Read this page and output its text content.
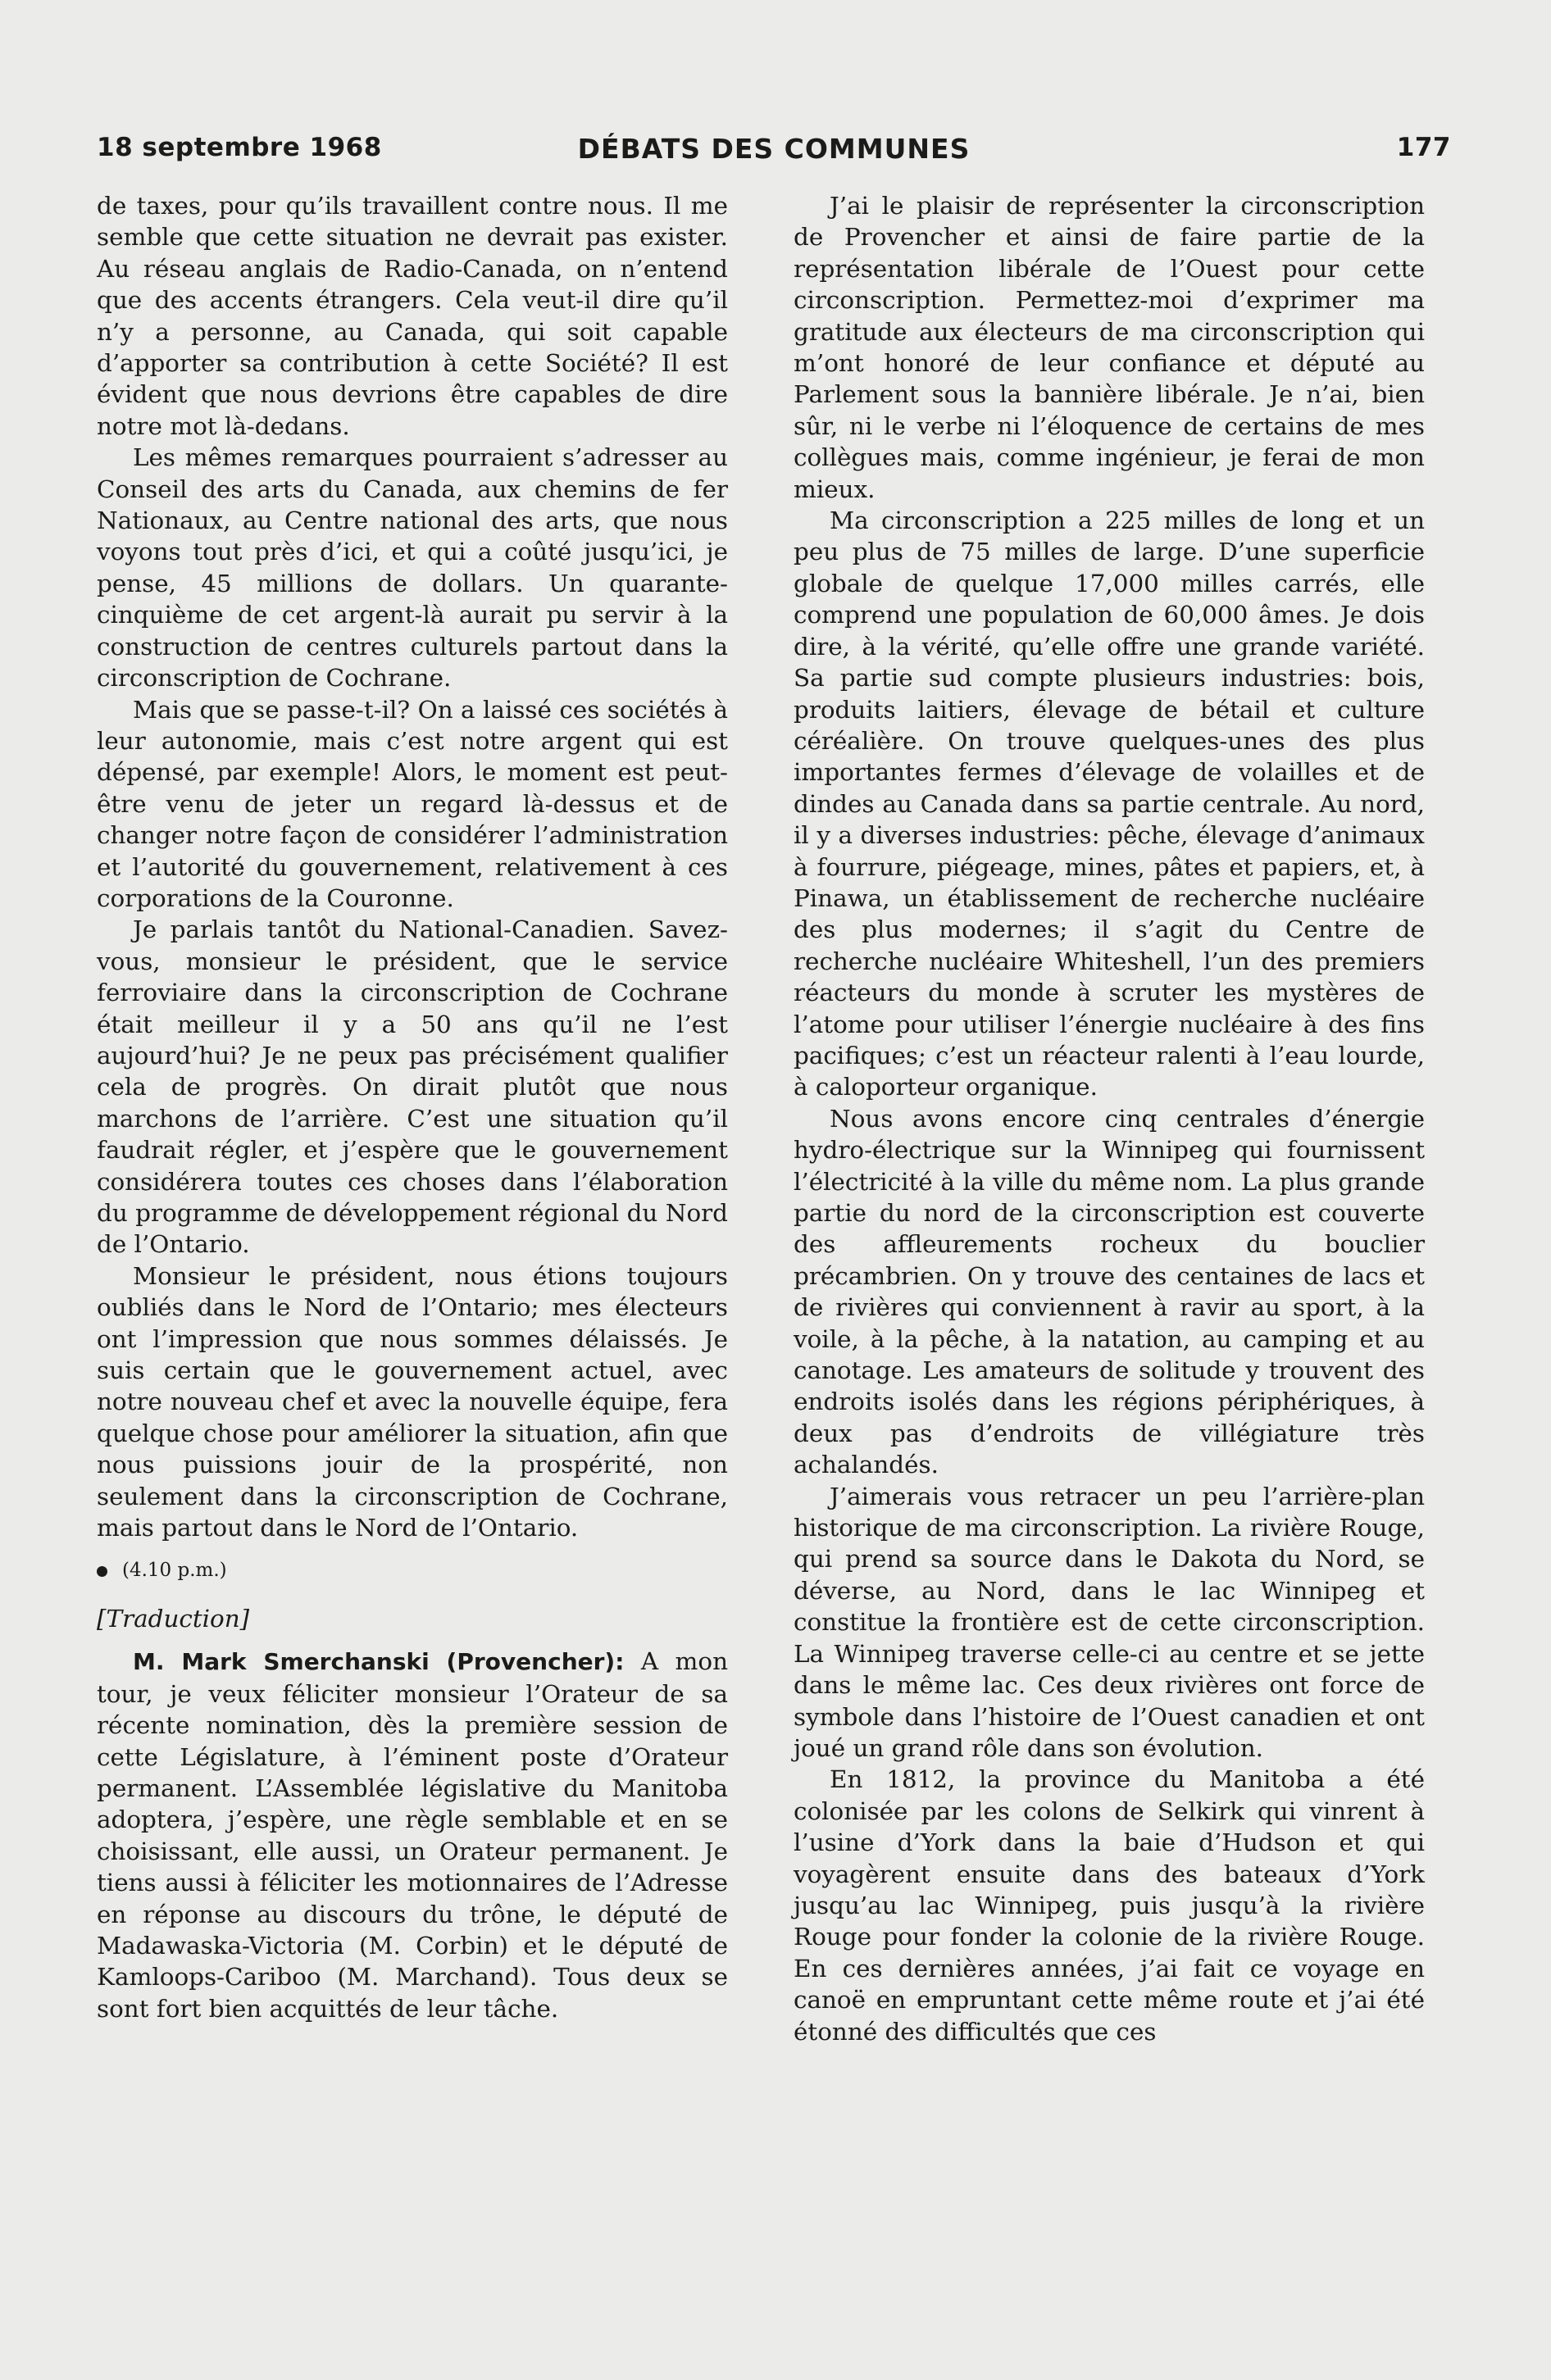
18 septembre 1968	DÉBATS DES COMMUNES	177

de taxes, pour qu’ils travaillent contre nous. Il me semble que cette situation ne devrait pas exister. Au réseau anglais de Radio-Canada, on n’entend que des accents étrangers. Cela veut-il dire qu’il n’y a personne, au Canada, qui soit capable d’apporter sa contribution à cette Société? Il est évident que nous devrions être capables de dire notre mot là-dedans.

Les mêmes remarques pourraient s’adresser au Conseil des arts du Canada, aux chemins de fer Nationaux, au Centre national des arts, que nous voyons tout près d’ici, et qui a coûté jusqu’ici, je pense, 45 millions de dollars. Un quarante-cinquième de cet argent-là aurait pu servir à la construction de centres culturels partout dans la circonscription de Cochrane.

Mais que se passe-t-il? On a laissé ces sociétés à leur autonomie, mais c’est notre argent qui est dépensé, par exemple! Alors, le moment est peut-être venu de jeter un regard là-dessus et de changer notre façon de considérer l’administration et l’autorité du gouvernement, relativement à ces corporations de la Couronne.

Je parlais tantôt du National-Canadien. Savez-vous, monsieur le président, que le service ferroviaire dans la circonscription de Cochrane était meilleur il y a 50 ans qu’il ne l’est aujourd’hui? Je ne peux pas précisément qualifier cela de progrès. On dirait plutôt que nous marchons de l’arrière. C’est une situation qu’il faudrait régler, et j’espère que le gouvernement considérera toutes ces choses dans l’élaboration du programme de développement régional du Nord de l’Ontario.

Monsieur le président, nous étions toujours oubliés dans le Nord de l’Ontario; mes électeurs ont l’impression que nous sommes délaissés. Je suis certain que le gouvernement actuel, avec notre nouveau chef et avec la nouvelle équipe, fera quelque chose pour améliorer la situation, afin que nous puissions jouir de la prospérité, non seulement dans la circonscription de Cochrane, mais partout dans le Nord de l’Ontario.

(4.10 p.m.)

[Traduction]

M. Mark Smerchanski (Provencher): A mon tour, je veux féliciter monsieur l’Orateur de sa récente nomination, dès la première session de cette Législature, à l’éminent poste d’Orateur permanent. L’Assemblée législative du Manitoba adoptera, j’espère, une règle semblable et en se choisissant, elle aussi, un Orateur permanent. Je tiens aussi à féliciter les motionnaires de l’Adresse en réponse au discours du trône, le député de Madawaska-Victoria (M. Corbin) et le député de Kamloops-Cariboo (M. Marchand). Tous deux se sont fort bien acquittés de leur tâche.

J’ai le plaisir de représenter la circonscription de Provencher et ainsi de faire partie de la représentation libérale de l’Ouest pour cette circonscription. Permettez-moi d’exprimer ma gratitude aux électeurs de ma circonscription qui m’ont honoré de leur confiance et député au Parlement sous la bannière libérale. Je n’ai, bien sûr, ni le verbe ni l’éloquence de certains de mes collègues mais, comme ingénieur, je ferai de mon mieux.

Ma circonscription a 225 milles de long et un peu plus de 75 milles de large. D’une superficie globale de quelque 17,000 milles carrés, elle comprend une population de 60,000 âmes. Je dois dire, à la vérité, qu’elle offre une grande variété. Sa partie sud compte plusieurs industries: bois, produits laitiers, élevage de bétail et culture céréalière. On trouve quelques-unes des plus importantes fermes d’élevage de volailles et de dindes au Canada dans sa partie centrale. Au nord, il y a diverses industries: pêche, élevage d’animaux à fourrure, piégeage, mines, pâtes et papiers, et, à Pinawa, un établissement de recherche nucléaire des plus modernes; il s’agit du Centre de recherche nucléaire Whiteshell, l’un des premiers réacteurs du monde à scruter les mystères de l’atome pour utiliser l’énergie nucléaire à des fins pacifiques; c’est un réacteur ralenti à l’eau lourde, à caloporteur organique.

Nous avons encore cinq centrales d’énergie hydro-électrique sur la Winnipeg qui fournissent l’électricité à la ville du même nom. La plus grande partie du nord de la circonscription est couverte des affleurements rocheux du bouclier précambrien. On y trouve des centaines de lacs et de rivières qui conviennent à ravir au sport, à la voile, à la pêche, à la natation, au camping et au canotage. Les amateurs de solitude y trouvent des endroits isolés dans les régions périphériques, à deux pas d’endroits de villégiature très achalandés.

J’aimerais vous retracer un peu l’arrière-plan historique de ma circonscription. La rivière Rouge, qui prend sa source dans le Dakota du Nord, se déverse, au Nord, dans le lac Winnipeg et constitue la frontière est de cette circonscription. La Winnipeg traverse celle-ci au centre et se jette dans le même lac. Ces deux rivières ont force de symbole dans l’histoire de l’Ouest canadien et ont joué un grand rôle dans son évolution.

En 1812, la province du Manitoba a été colonisée par les colons de Selkirk qui vinrent à l’usine d’York dans la baie d’Hudson et qui voyagèrent ensuite dans des bateaux d’York jusqu’au lac Winnipeg, puis jusqu’à la rivière Rouge pour fonder la colonie de la rivière Rouge. En ces dernières années, j’ai fait ce voyage en canoë en empruntant cette même route et j’ai été étonné des difficultés que ces
